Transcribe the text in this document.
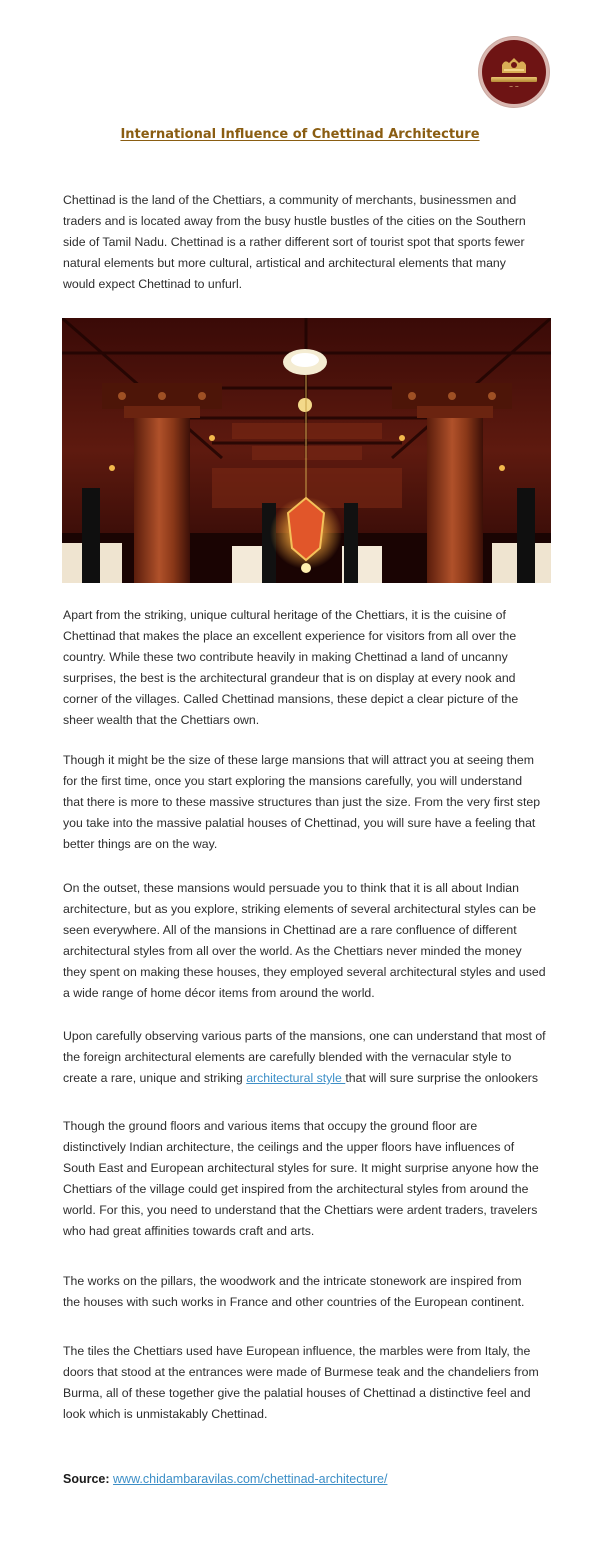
~ ~
International Influence of Chettinad Architecture

Chettinad is the land of the Chettiars, a community of merchants, businessmen and
traders and is located away from the busy hustle bustles of the cities on the Southern
side of Tamil Nadu. Chettinad is a rather different sort of tourist spot that sports fewer
natural elements but more cultural, artistical and architectural elements that many
would expect Chettinad to unfurl.

Apart from the striking, unique cultural heritage of the Chettiars, it is the cuisine of
Chettinad that makes the place an excellent experience for visitors from all over the
country. While these two contribute heavily in making Chettinad a land of uncanny
surprises, the best is the architectural grandeur that is on display at every nook and
corner of the villages. Called Chettinad mansions, these depict a clear picture of the
sheer wealth that the Chettiars own.

Though it might be the size of these large mansions that will attract you at seeing them
for the first time, once you start exploring the mansions carefully, you will understand
that there is more to these massive structures than just the size. From the very first step
you take into the massive palatial houses of Chettinad, you will sure have a feeling that
better things are on the way.

On the outset, these mansions would persuade you to think that it is all about Indian
architecture, but as you explore, striking elements of several architectural styles can be
seen everywhere. All of the mansions in Chettinad are a rare confluence of different
architectural styles from all over the world. As the Chettiars never minded the money
they spent on making these houses, they employed several architectural styles and used
a wide range of home décor items from around the world.

Upon carefully observing various parts of the mansions, one can understand that most of
the foreign architectural elements are carefully blended with the vernacular style to
create a rare, unique and striking architectural style that will sure surprise the onlookers

Though the ground floors and various items that occupy the ground floor are
distinctively Indian architecture, the ceilings and the upper floors have influences of
South East and European architectural styles for sure. It might surprise anyone how the
Chettiars of the village could get inspired from the architectural styles from around the
world. For this, you need to understand that the Chettiars were ardent traders, travelers
who had great affinities towards craft and arts.

The works on the pillars, the woodwork and the intricate stonework are inspired from
the houses with such works in France and other countries of the European continent.

The tiles the Chettiars used have European influence, the marbles were from Italy, the
doors that stood at the entrances were made of Burmese teak and the chandeliers from
Burma, all of these together give the palatial houses of Chettinad a distinctive feel and
look which is unmistakably Chettinad.

Source: www.chidambaravilas.com/chettinad-architecture/
